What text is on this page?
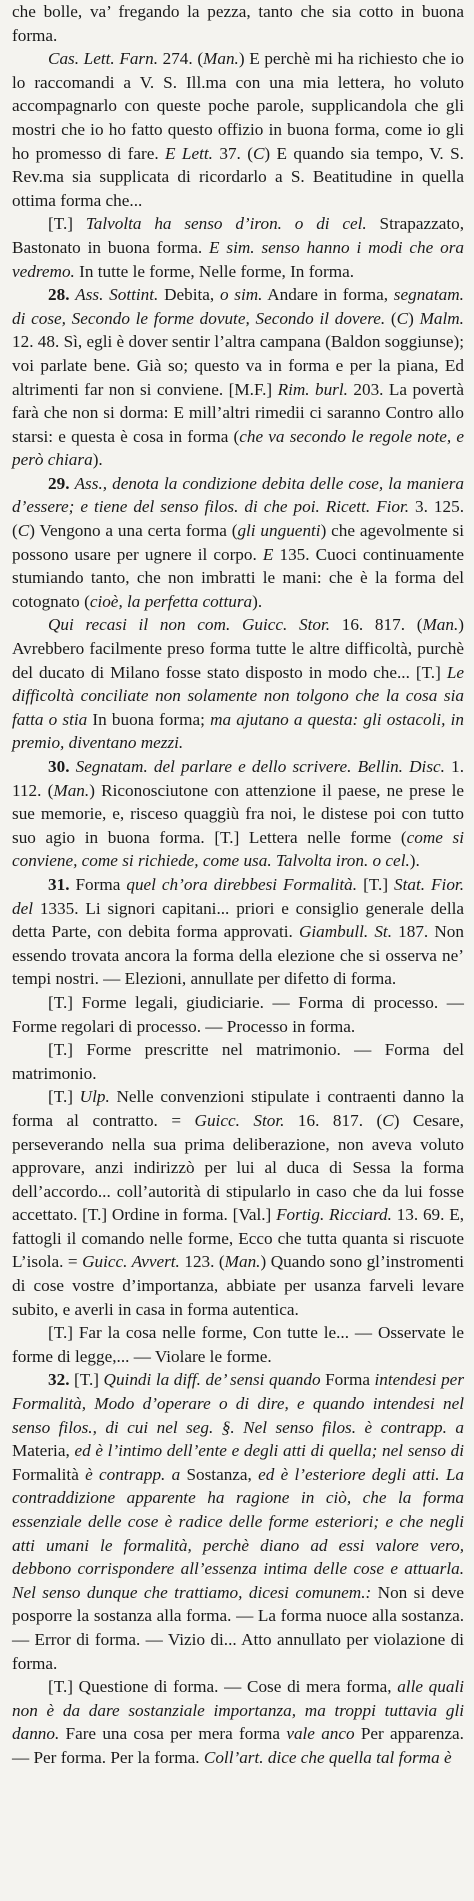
che bolle, va’ fregando la pezza, tanto che sia cotto in buona forma.

Cas. Lett. Farn. 274. (Man.) E perchè mi ha richiesto che io lo raccomandi a V. S. Ill.ma con una mia lettera, ho voluto accompagnarlo con queste poche parole, supplicandola che gli mostri che io ho fatto questo offizio in buona forma, come io gli ho promesso di fare. E Lett. 37. (C) E quando sia tempo, V. S. Rev.ma sia supplicata di ricordarlo a S. Beatitudine in quella ottima forma che...

[T.] Talvolta ha senso d’iron. o di cel. Strapazzato, Bastonato in buona forma. E sim. senso hanno i modi che ora vedremo. In tutte le forme, Nelle forme, In forma.

28. Ass. Sottint. Debita, o sim. Andare in forma, segnatam. di cose, Secondo le forme dovute, Secondo il dovere. (C) Malm. 12. 48. Sì, egli è dover sentir l’altra campana (Baldon soggiunse); voi parlate bene. Già so; questo va in forma e per la piana, Ed altrimenti far non si conviene. [M.F.] Rim. burl. 203. La povertà farà che non si dorma: E mill’altri rimedii ci saranno Contro allo starsi: e questa è cosa in forma (che va secondo le regole note, e però chiara).

29. Ass., denota la condizione debita delle cose, la maniera d’essere; e tiene del senso filos. di che poi. Ricett. Fior. 3. 125. (C) Vengono a una certa forma (gli unguenti) che agevolmente si possono usare per ugnere il corpo. E 135. Cuoci continuamente stumiando tanto, che non imbratti le mani: che è la forma del cotognato (cioè, la perfetta cottura).

Qui recasi il non com. Guicc. Stor. 16. 817. (Man.) Avrebbero facilmente preso forma tutte le altre difficoltà, purchè del ducato di Milano fosse stato disposto in modo che... [T.] Le difficoltà conciliate non solamente non tolgono che la cosa sia fatta o stia In buona forma; ma ajutano a questa: gli ostacoli, in premio, diventano mezzi.

30. Segnatam. del parlare e dello scrivere. Bellin. Disc. 1. 112. (Man.) Riconosciutone con attenzione il paese, ne prese le sue memorie, e, risceso quaggiù fra noi, le distese poi con tutto suo agio in buona forma. [T.] Lettera nelle forme (come si conviene, come si richiede, come usa. Talvolta iron. o cel.).

31. Forma quel ch’ora direbbesi Formalità. [T.] Stat. Fior. del 1335. Li signori capitani... priori e consiglio generale della detta Parte, con debita forma approvati. Giambull. St. 187. Non essendo trovata ancora la forma della elezione che si osserva ne’ tempi nostri. — Elezioni, annullate per difetto di forma.

[T.] Forme legali, giudiciarie. — Forma di processo. — Forme regolari di processo. — Processo in forma.

[T.] Forme prescritte nel matrimonio. — Forma del matrimonio.

[T.] Ulp. Nelle convenzioni stipulate i contraenti danno la forma al contratto. = Guicc. Stor. 16. 817. (C) Cesare, perseverando nella sua prima deliberazione, non aveva voluto approvare, anzi indirizzò per lui al duca di Sessa la forma dell’accordo... coll’autorità di stipularlo in caso che da lui fosse accettato. [T.] Ordine in forma. [Val.] Fortig. Ricciard. 13. 69. E, fattogli il comando nelle forme, Ecco che tutta quanta si riscuote L’isola. = Guicc. Avvert. 123. (Man.) Quando sono gl’instromenti di cose vostre d’importanza, abbiate per usanza farveli levare subito, e averli in casa in forma autentica.

[T.] Far la cosa nelle forme, Con tutte le... — Osservate le forme di legge,... — Violare le forme.

32. [T.] Quindi la diff. de’ sensi quando Forma intendesi per Formalità, Modo d’operare o di dire, e quando intendesi nel senso filos., di cui nel seg. §. Nel senso filos. è contrapp. a Materia, ed è l’intimo dell’ente e degli atti di quella; nel senso di Formalità è contrapp. a Sostanza, ed è l’esteriore degli atti. La contraddizione apparente ha ragione in ciò, che la forma essenziale delle cose è radice delle forme esteriori; e che negli atti umani le formalità, perchè diano ad essi valore vero, debbono corrispondere all’essenza intima delle cose e attuarla. Nel senso dunque che trattiamo, dicesi comunem.: Non si deve posporre la sostanza alla forma. — La forma nuoce alla sostanza. — Error di forma. — Vizio di... Atto annullato per violazione di forma.

[T.] Questione di forma. — Cose di mera forma, alle quali non è da dare sostanziale importanza, ma troppi tuttavia gli danno. Fare una cosa per mera forma vale anco Per apparenza. — Per forma. Per la forma. Coll’art. dice che quella tal forma è
